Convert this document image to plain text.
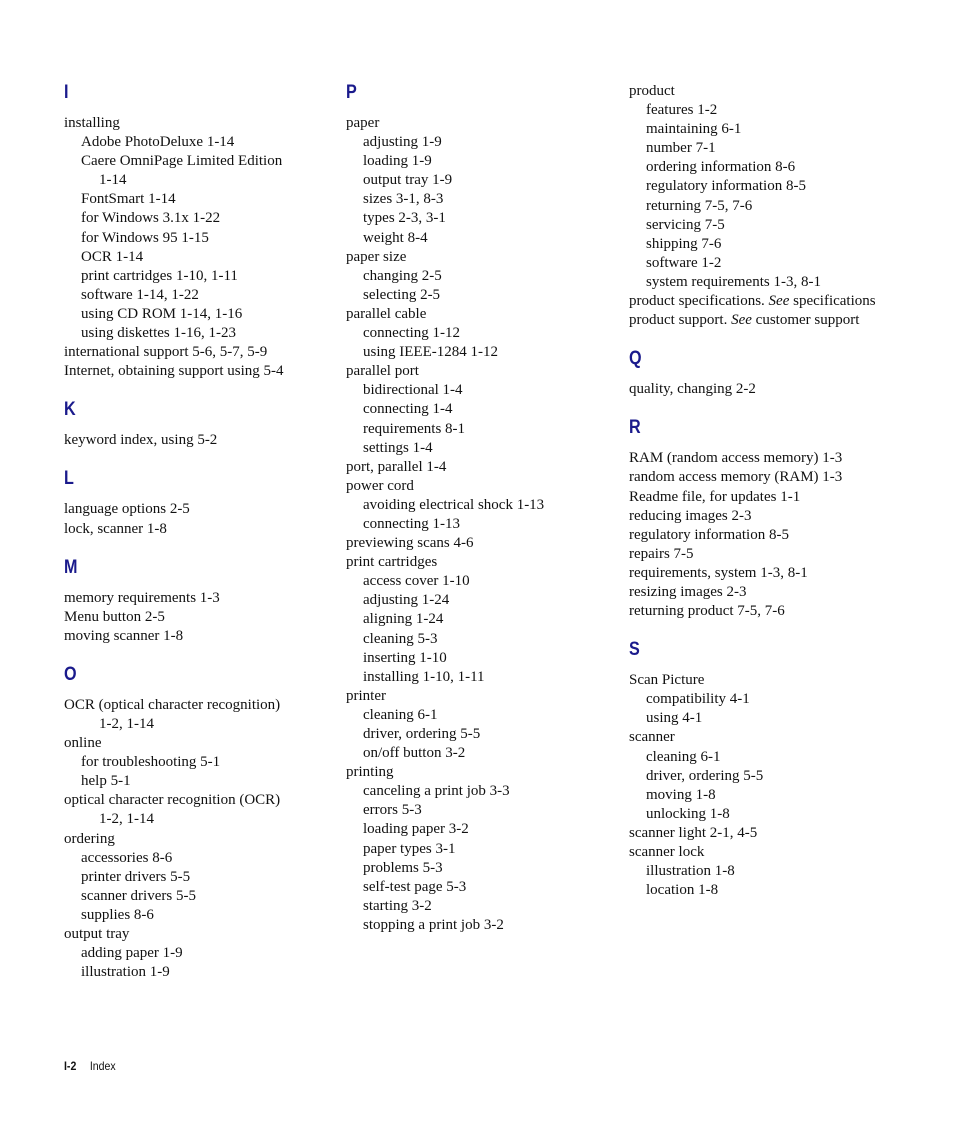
I
installing
Adobe PhotoDeluxe 1-14
Caere OmniPage Limited Edition
1-14
FontSmart 1-14
for Windows 3.1x 1-22
for Windows 95 1-15
OCR 1-14
print cartridges 1-10, 1-11
software 1-14, 1-22
using CD ROM 1-14, 1-16
using diskettes 1-16, 1-23
international support 5-6, 5-7, 5-9
Internet, obtaining support using 5-4
K
keyword index, using 5-2
L
language options 2-5
lock, scanner 1-8
M
memory requirements 1-3
Menu button 2-5
moving scanner 1-8
O
OCR (optical character recognition)
1-2, 1-14
online
for troubleshooting 5-1
help 5-1
optical character recognition (OCR)
1-2, 1-14
ordering
accessories 8-6
printer drivers 5-5
scanner drivers 5-5
supplies 8-6
output tray
adding paper 1-9
illustration 1-9
P
paper
adjusting 1-9
loading 1-9
output tray 1-9
sizes 3-1, 8-3
types 2-3, 3-1
weight 8-4
paper size
changing 2-5
selecting 2-5
parallel cable
connecting 1-12
using IEEE-1284 1-12
parallel port
bidirectional 1-4
connecting 1-4
requirements 8-1
settings 1-4
port, parallel 1-4
power cord
avoiding electrical shock 1-13
connecting 1-13
previewing scans 4-6
print cartridges
access cover 1-10
adjusting 1-24
aligning 1-24
cleaning 5-3
inserting 1-10
installing 1-10, 1-11
printer
cleaning 6-1
driver, ordering 5-5
on/off button 3-2
printing
canceling a print job 3-3
errors 5-3
loading paper 3-2
paper types 3-1
problems 5-3
self-test page 5-3
starting 3-2
stopping a print job 3-2
product
features 1-2
maintaining 6-1
number 7-1
ordering information 8-6
regulatory information 8-5
returning 7-5, 7-6
servicing 7-5
shipping 7-6
software 1-2
system requirements 1-3, 8-1
product specifications. See specifications
product support. See customer support
Q
quality, changing 2-2
R
RAM (random access memory) 1-3
random access memory (RAM) 1-3
Readme file, for updates 1-1
reducing images 2-3
regulatory information 8-5
repairs 7-5
requirements, system 1-3, 8-1
resizing images 2-3
returning product 7-5, 7-6
S
Scan Picture
compatibility 4-1
using 4-1
scanner
cleaning 6-1
driver, ordering 5-5
moving 1-8
unlocking 1-8
scanner light 2-1, 4-5
scanner lock
illustration 1-8
location 1-8
I-2 Index
